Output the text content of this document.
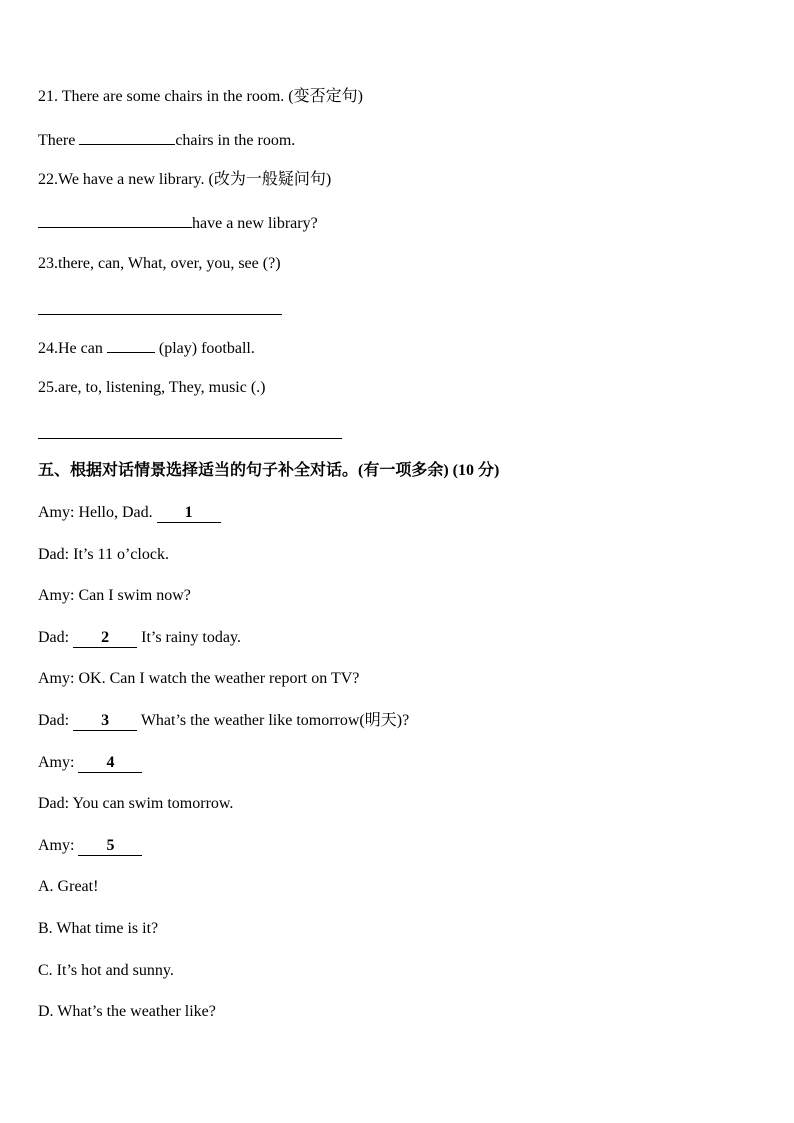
21. There are some chairs in the room. (变否定句)
There	chairs in the room.
22.We have a new library. (改为一般疑问句)
have a new library?
23.there, can, What, over, you, see (?)
24.He can	(play) football.
25.are, to, listening, They, music (.)
五、根据对话情景选择适当的句子补全对话。(有一项多余) (10 分)
Amy: Hello, Dad. 1
Dad: It’s 11 o’clock.
Amy: Can I swim now?
Dad: 2 It’s rainy today.
Amy: OK. Can I watch the weather report on TV?
Dad: 3 What’s the weather like tomorrow(明天)?
Amy: 4
Dad: You can swim tomorrow.
Amy: 5
A. Great!
B. What time is it?
C. It’s hot and sunny.
D. What’s the weather like?
